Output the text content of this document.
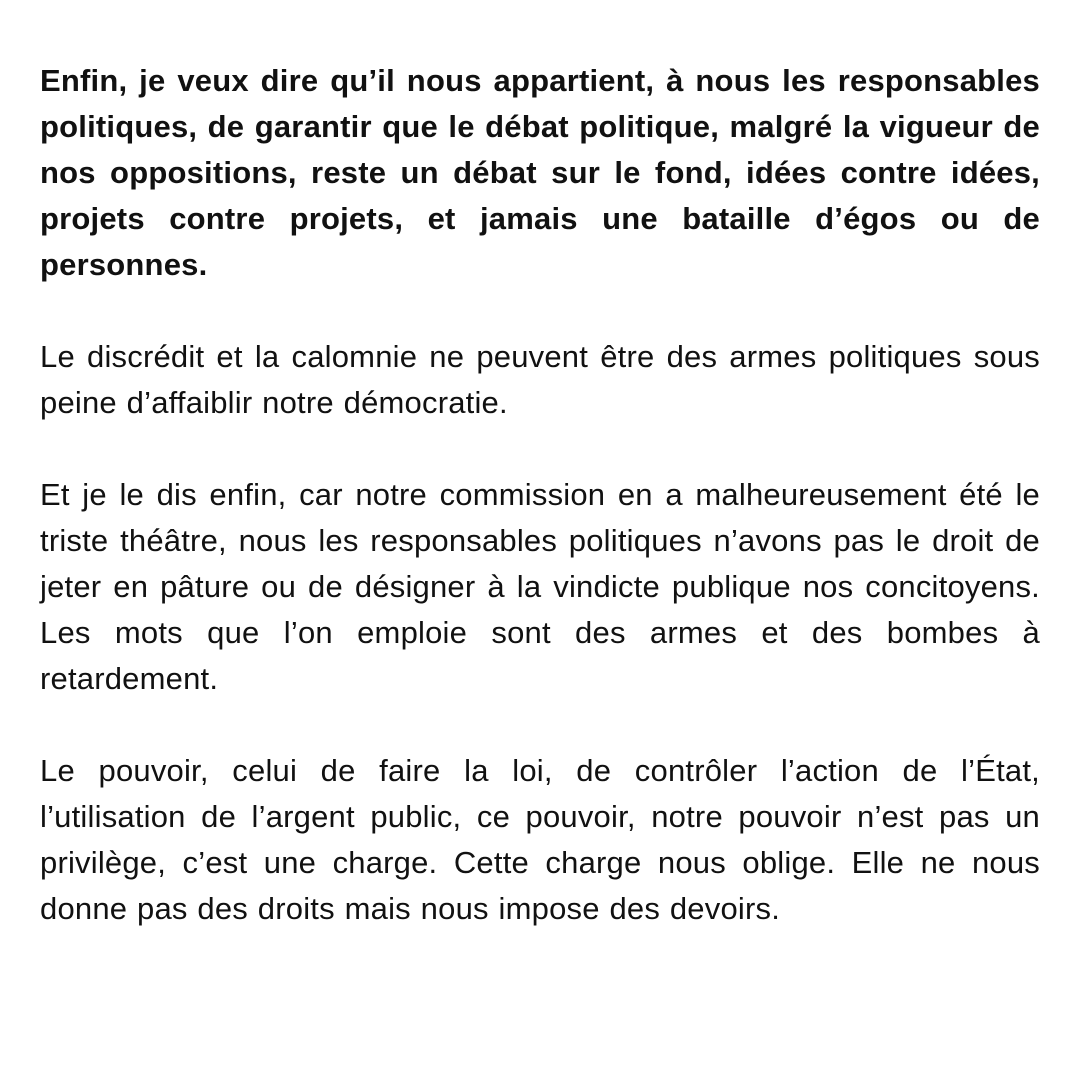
Enfin, je veux dire qu’il nous appartient, à nous les responsables politiques, de garantir que le débat politique, malgré la vigueur de nos oppositions, reste un débat sur le fond, idées contre idées, projets contre projets, et jamais une bataille d’égos ou de personnes.

Le discrédit et la calomnie ne peuvent être des armes politiques sous peine d’affaiblir notre démocratie.

Et je le dis enfin, car notre commission en a malheureusement été le triste théâtre, nous les responsables politiques n’avons pas le droit de jeter en pâture ou de désigner à la vindicte publique nos concitoyens. Les mots que l’on emploie sont des armes et des bombes à retardement.

Le pouvoir, celui de faire la loi, de contrôler l’action de l’État, l’utilisation de l’argent public, ce pouvoir, notre pouvoir n’est pas un privilège, c’est une charge. Cette charge nous oblige. Elle ne nous donne pas des droits mais nous impose des devoirs.
